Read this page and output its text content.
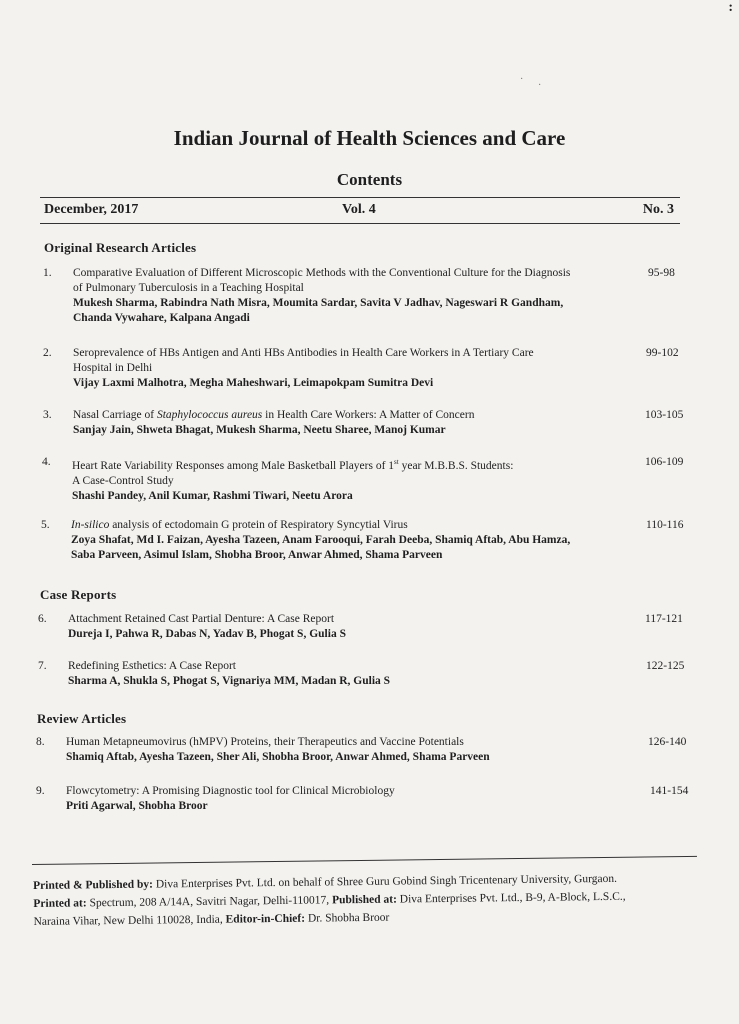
:
·
·
Indian Journal of Health Sciences and Care
Contents
December, 2017	Vol. 4	No. 3
Original Research Articles
1. Comparative Evaluation of Different Microscopic Methods with the Conventional Culture for the Diagnosis
of Pulmonary Tuberculosis in a Teaching Hospital
Mukesh Sharma, Rabindra Nath Misra, Moumita Sardar, Savita V Jadhav, Nageswari R Gandham,
Chanda Vywahare, Kalpana Angadi
95-98
2. Seroprevalence of HBs Antigen and Anti HBs Antibodies in Health Care Workers in A Tertiary Care
Hospital in Delhi
Vijay Laxmi Malhotra, Megha Maheshwari, Leimapokpam Sumitra Devi
99-102
3. Nasal Carriage of Staphylococcus aureus in Health Care Workers: A Matter of Concern
Sanjay Jain, Shweta Bhagat, Mukesh Sharma, Neetu Sharee, Manoj Kumar
103-105
4. Heart Rate Variability Responses among Male Basketball Players of 1st year M.B.B.S. Students:
A Case-Control Study
Shashi Pandey, Anil Kumar, Rashmi Tiwari, Neetu Arora
106-109
5. In-silico analysis of ectodomain G protein of Respiratory Syncytial Virus
Zoya Shafat, Md I. Faizan, Ayesha Tazeen, Anam Farooqui, Farah Deeba, Shamiq Aftab, Abu Hamza,
Saba Parveen, Asimul Islam, Shobha Broor, Anwar Ahmed, Shama Parveen
110-116
Case Reports
6. Attachment Retained Cast Partial Denture: A Case Report
Dureja I, Pahwa R, Dabas N, Yadav B, Phogat S, Gulia S
117-121
7. Redefining Esthetics: A Case Report
Sharma A, Shukla S, Phogat S, Vignariya MM, Madan R, Gulia S
122-125
Review Articles
8. Human Metapneumovirus (hMPV) Proteins, their Therapeutics and Vaccine Potentials
Shamiq Aftab, Ayesha Tazeen, Sher Ali, Shobha Broor, Anwar Ahmed, Shama Parveen
126-140
9. Flowcytometry: A Promising Diagnostic tool for Clinical Microbiology
Priti Agarwal, Shobha Broor
141-154
Printed & Published by: Diva Enterprises Pvt. Ltd. on behalf of Shree Guru Gobind Singh Tricentenary University, Gurgaon.
Printed at: Spectrum, 208 A/14A, Savitri Nagar, Delhi-110017, Published at: Diva Enterprises Pvt. Ltd., B-9, A-Block, L.S.C.,
Naraina Vihar, New Delhi 110028, India, Editor-in-Chief: Dr. Shobha Broor
